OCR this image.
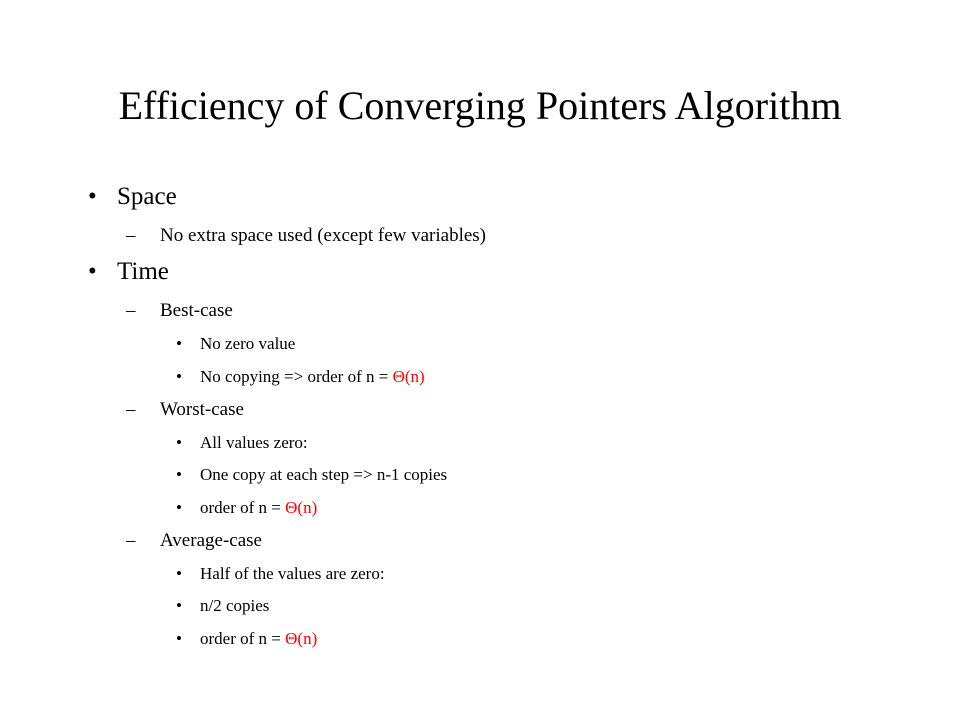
Efficiency of Converging Pointers Algorithm
• Space
– No extra space used (except few variables)
• Time
– Best-case
• No zero value
• No copying => order of n = Θ(n)
– Worst-case
• All values zero:
• One copy at each step => n-1 copies
• order of n = Θ(n)
– Average-case
• Half of the values are zero:
• n/2 copies
• order of n = Θ(n)
